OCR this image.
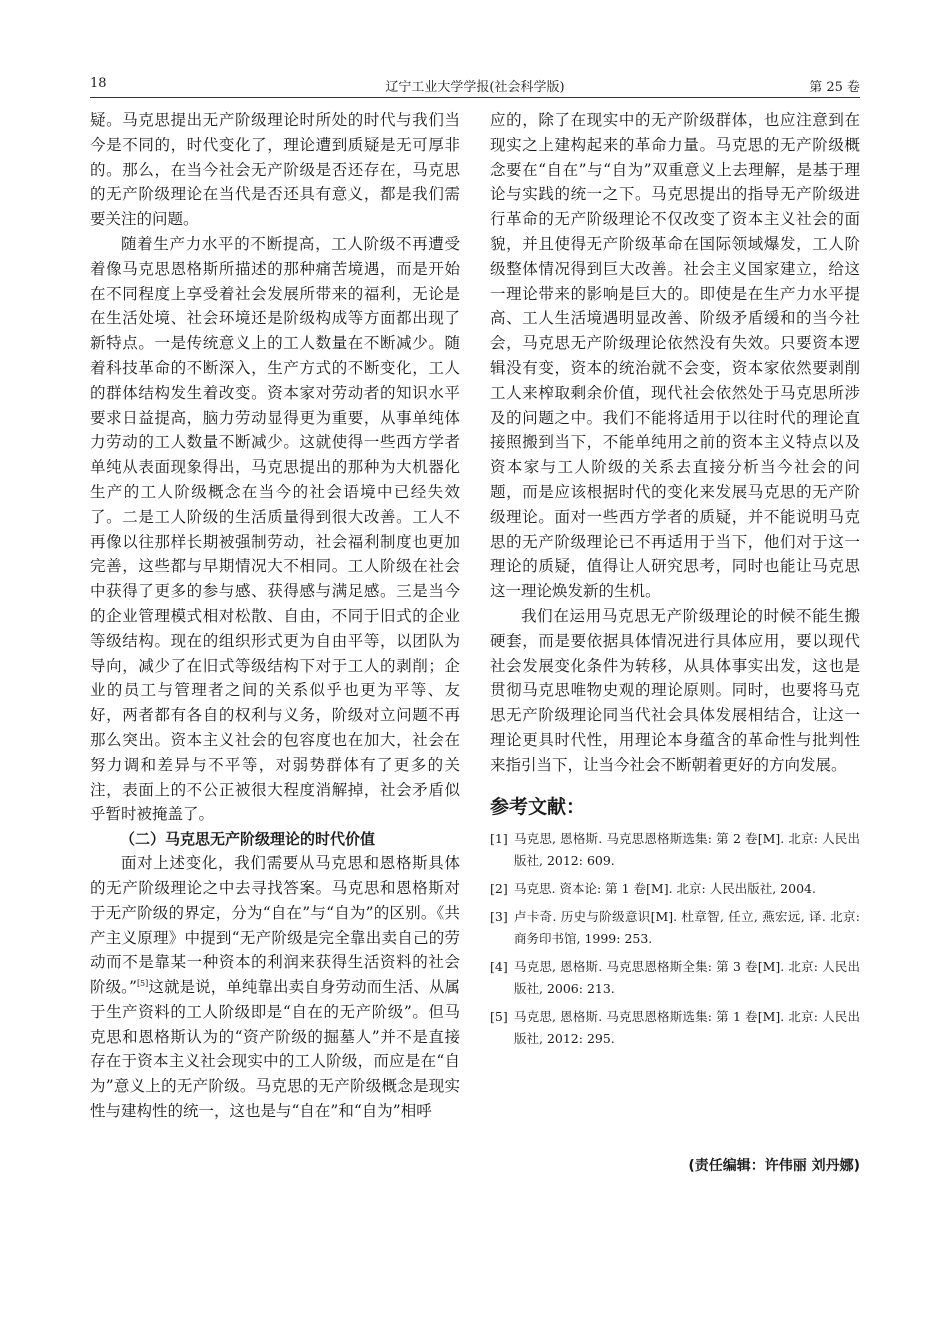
18	辽宁工业大学学报(社会科学版)	第 25 卷

疑。马克思提出无产阶级理论时所处的时代与我们当今是不同的，时代变化了，理论遭到质疑是无可厚非的。那么，在当今社会无产阶级是否还存在，马克思的无产阶级理论在当代是否还具有意义，都是我们需要关注的问题。

随着生产力水平的不断提高，工人阶级不再遭受着像马克思恩格斯所描述的那种痛苦境遇，而是开始在不同程度上享受着社会发展所带来的福利，无论是在生活处境、社会环境还是阶级构成等方面都出现了新特点。一是传统意义上的工人数量在不断减少。随着科技革命的不断深入，生产方式的不断变化，工人的群体结构发生着改变。资本家对劳动者的知识水平要求日益提高，脑力劳动显得更为重要，从事单纯体力劳动的工人数量不断减少。这就使得一些西方学者单纯从表面现象得出，马克思提出的那种为大机器化生产的工人阶级概念在当今的社会语境中已经失效了。二是工人阶级的生活质量得到很大改善。工人不再像以往那样长期被强制劳动，社会福利制度也更加完善，这些都与早期情况大不相同。工人阶级在社会中获得了更多的参与感、获得感与满足感。三是当今的企业管理模式相对松散、自由，不同于旧式的企业等级结构。现在的组织形式更为自由平等，以团队为导向，减少了在旧式等级结构下对于工人的剥削；企业的员工与管理者之间的关系似乎也更为平等、友好，两者都有各自的权利与义务，阶级对立问题不再那么突出。资本主义社会的包容度也在加大，社会在努力调和差异与不平等，对弱势群体有了更多的关注，表面上的不公正被很大程度消解掉，社会矛盾似乎暂时被掩盖了。

（二）马克思无产阶级理论的时代价值

面对上述变化，我们需要从马克思和恩格斯具体的无产阶级理论之中去寻找答案。马克思和恩格斯对于无产阶级的界定，分为“自在”与“自为”的区别。《共产主义原理》中提到“无产阶级是完全靠出卖自己的劳动而不是靠某一种资本的利润来获得生活资料的社会阶级。”[5]这就是说，单纯靠出卖自身劳动而生活、从属于生产资料的工人阶级即是“自在的无产阶级”。但马克思和恩格斯认为的“资产阶级的掘墓人”并不是直接存在于资本主义社会现实中的工人阶级，而应是在“自为”意义上的无产阶级。马克思的无产阶级概念是现实性与建构性的统一，这也是与“自在”和“自为”相呼

应的，除了在现实中的无产阶级群体，也应注意到在现实之上建构起来的革命力量。马克思的无产阶级概念要在“自在”与“自为”双重意义上去理解，是基于理论与实践的统一之下。马克思提出的指导无产阶级进行革命的无产阶级理论不仅改变了资本主义社会的面貌，并且使得无产阶级革命在国际领域爆发，工人阶级整体情况得到巨大改善。社会主义国家建立，给这一理论带来的影响是巨大的。即使是在生产力水平提高、工人生活境遇明显改善、阶级矛盾缓和的当今社会，马克思无产阶级理论依然没有失效。只要资本逻辑没有变，资本的统治就不会变，资本家依然要剥削工人来榨取剩余价值，现代社会依然处于马克思所涉及的问题之中。我们不能将适用于以往时代的理论直接照搬到当下，不能单纯用之前的资本主义特点以及资本家与工人阶级的关系去直接分析当今社会的问题，而是应该根据时代的变化来发展马克思的无产阶级理论。面对一些西方学者的质疑，并不能说明马克思的无产阶级理论已不再适用于当下，他们对于这一理论的质疑，值得让人研究思考，同时也能让马克思这一理论焕发新的生机。

我们在运用马克思无产阶级理论的时候不能生搬硬套，而是要依据具体情况进行具体应用，要以现代社会发展变化条件为转移，从具体事实出发，这也是贯彻马克思唯物史观的理论原则。同时，也要将马克思无产阶级理论同当代社会具体发展相结合，让这一理论更具时代性，用理论本身蕴含的革命性与批判性来指引当下，让当今社会不断朝着更好的方向发展。

参考文献：
[1] 马克思, 恩格斯. 马克思恩格斯选集: 第 2 卷[M]. 北京: 人民出版社, 2012: 609.
[2] 马克思. 资本论: 第 1 卷[M]. 北京: 人民出版社, 2004.
[3] 卢卡奇. 历史与阶级意识[M]. 杜章智, 任立, 燕宏远, 译. 北京: 商务印书馆, 1999: 253.
[4] 马克思, 恩格斯. 马克思恩格斯全集: 第 3 卷[M]. 北京: 人民出版社, 2006: 213.
[5] 马克思, 恩格斯. 马克思恩格斯选集: 第 1 卷[M]. 北京: 人民出版社, 2012: 295.
(责任编辑：许伟丽 刘丹娜)
